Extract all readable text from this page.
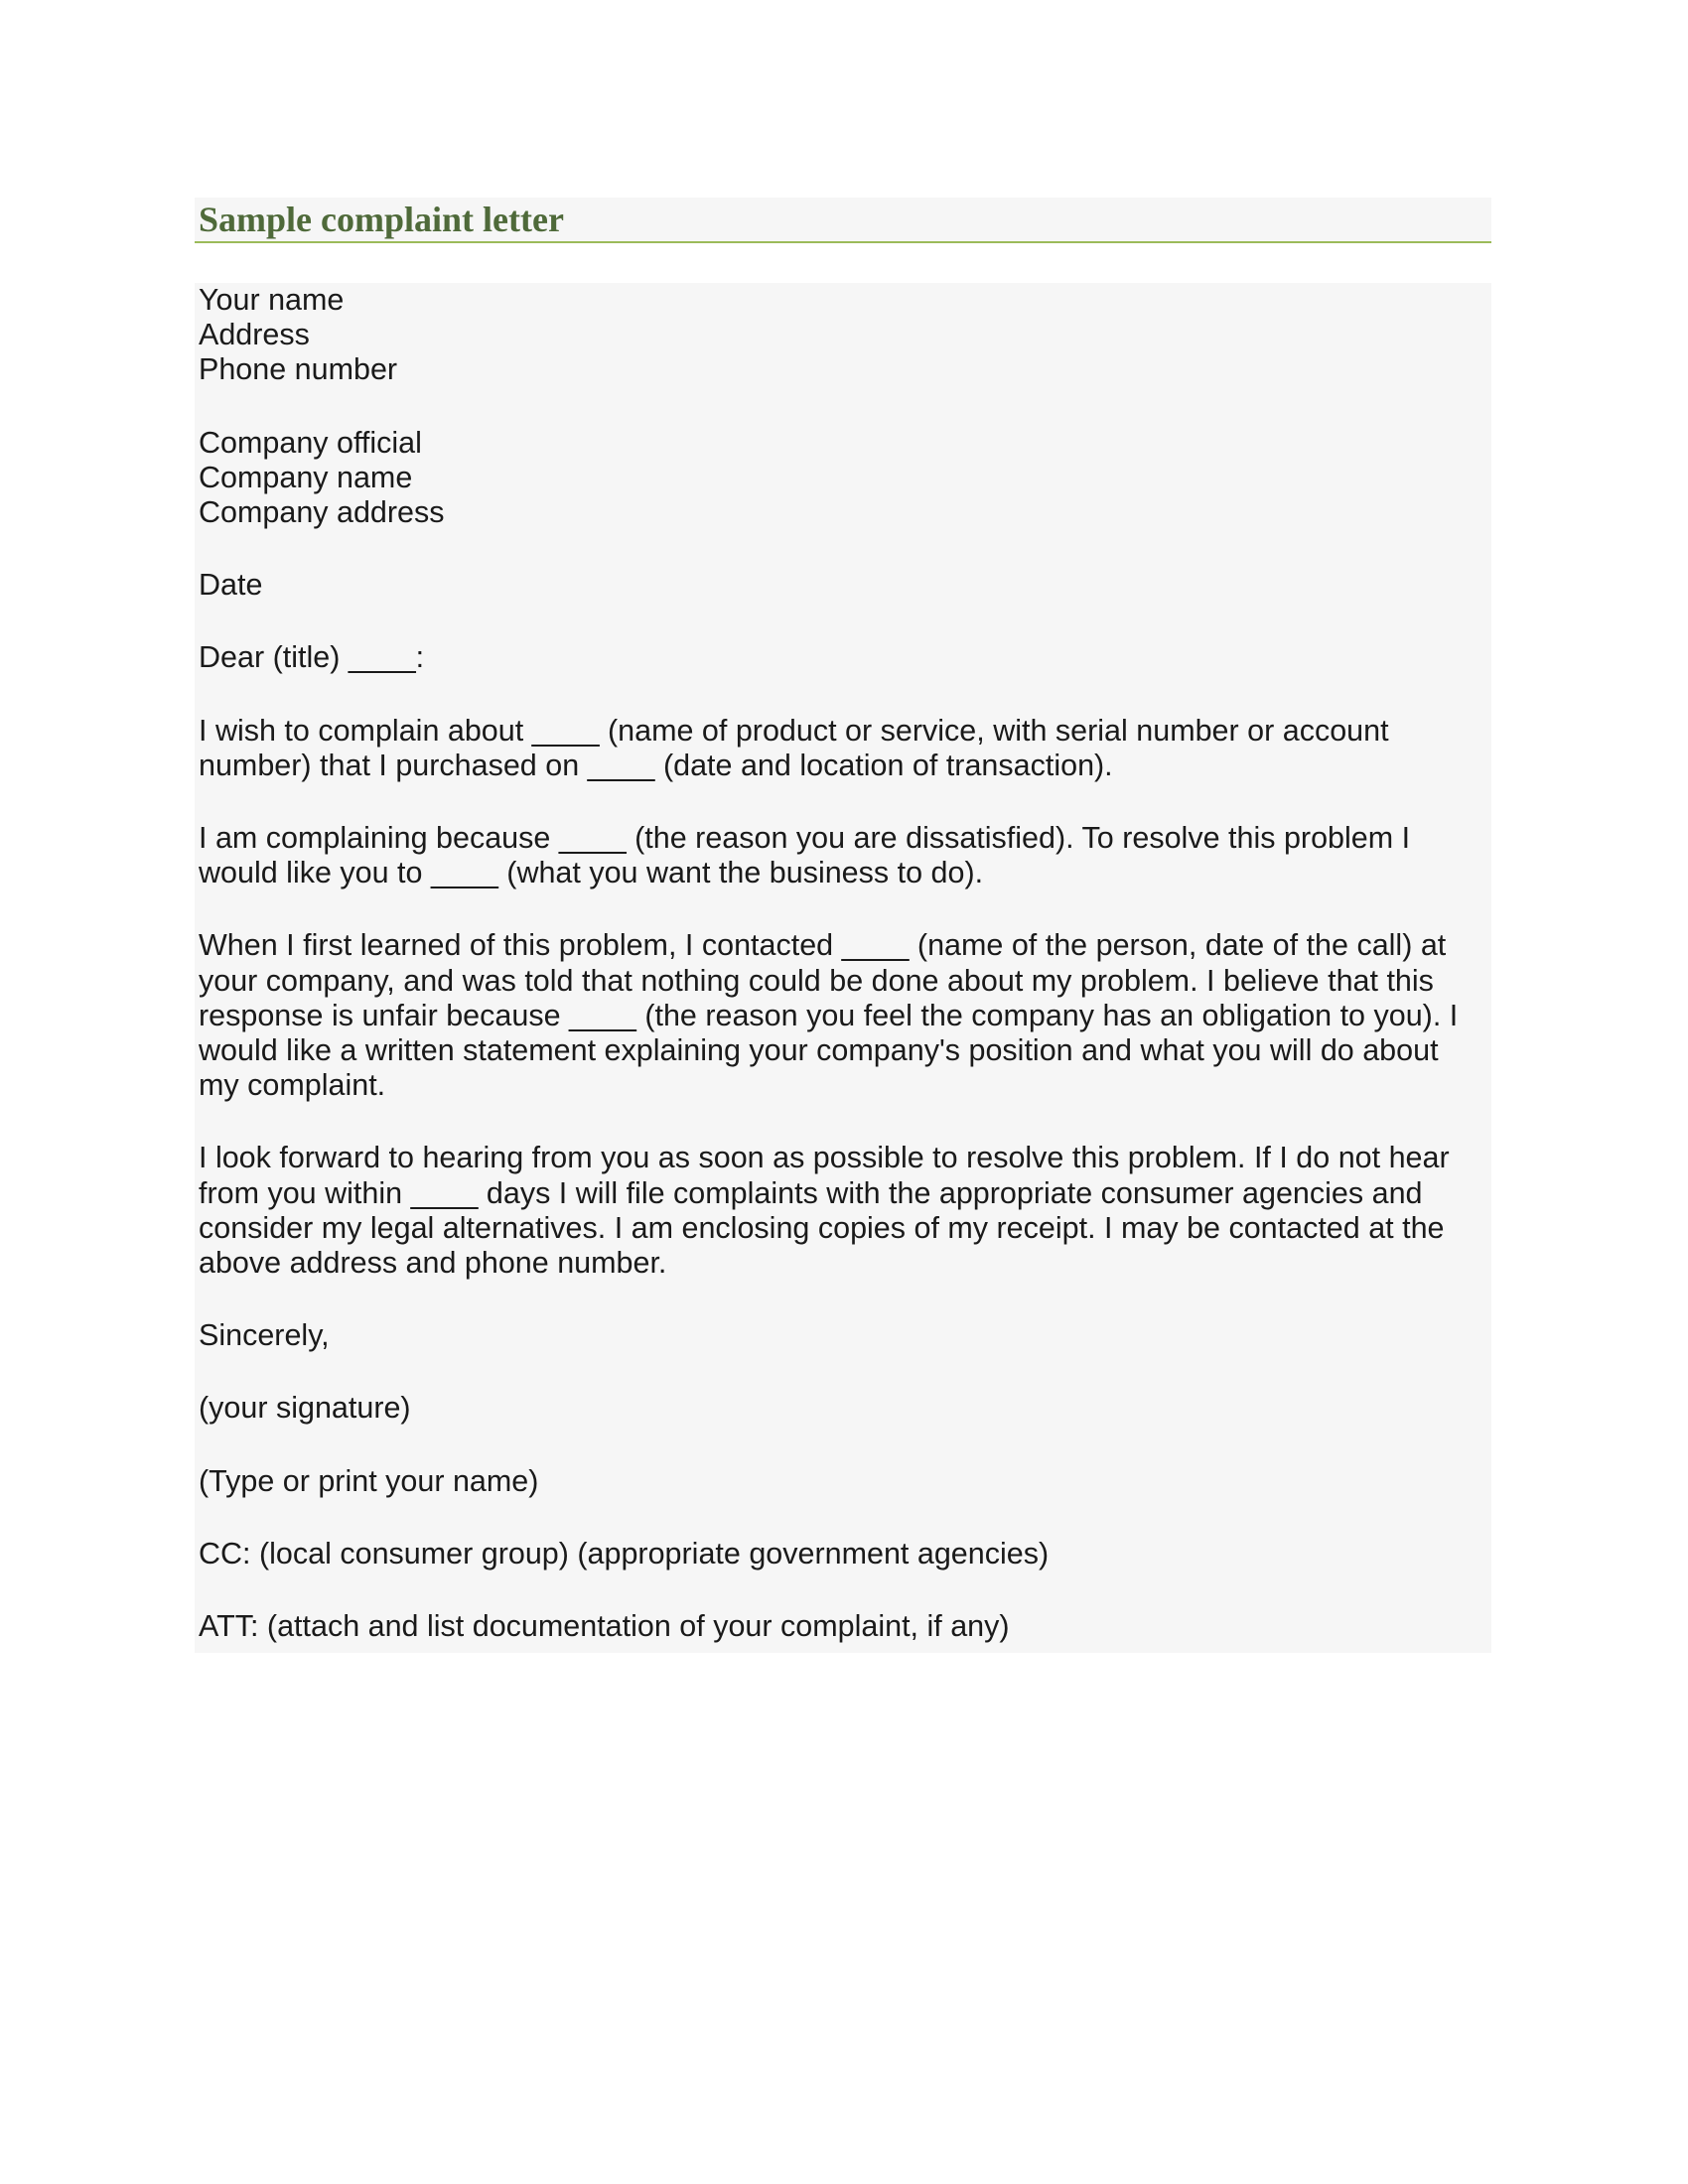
Sample complaint letter

Your name
Address
Phone number

Company official
Company name
Company address

Date

Dear (title) ____:

I wish to complain about ____ (name of product or service, with serial number or account
number) that I purchased on ____ (date and location of transaction).

I am complaining because ____ (the reason you are dissatisfied). To resolve this problem I
would like you to ____ (what you want the business to do).

When I first learned of this problem, I contacted ____ (name of the person, date of the call) at
your company, and was told that nothing could be done about my problem. I believe that this
response is unfair because ____ (the reason you feel the company has an obligation to you). I
would like a written statement explaining your company's position and what you will do about
my complaint.

I look forward to hearing from you as soon as possible to resolve this problem. If I do not hear
from you within ____ days I will file complaints with the appropriate consumer agencies and
consider my legal alternatives. I am enclosing copies of my receipt. I may be contacted at the
above address and phone number.

Sincerely,

(your signature)

(Type or print your name)

CC: (local consumer group) (appropriate government agencies)

ATT: (attach and list documentation of your complaint, if any)
